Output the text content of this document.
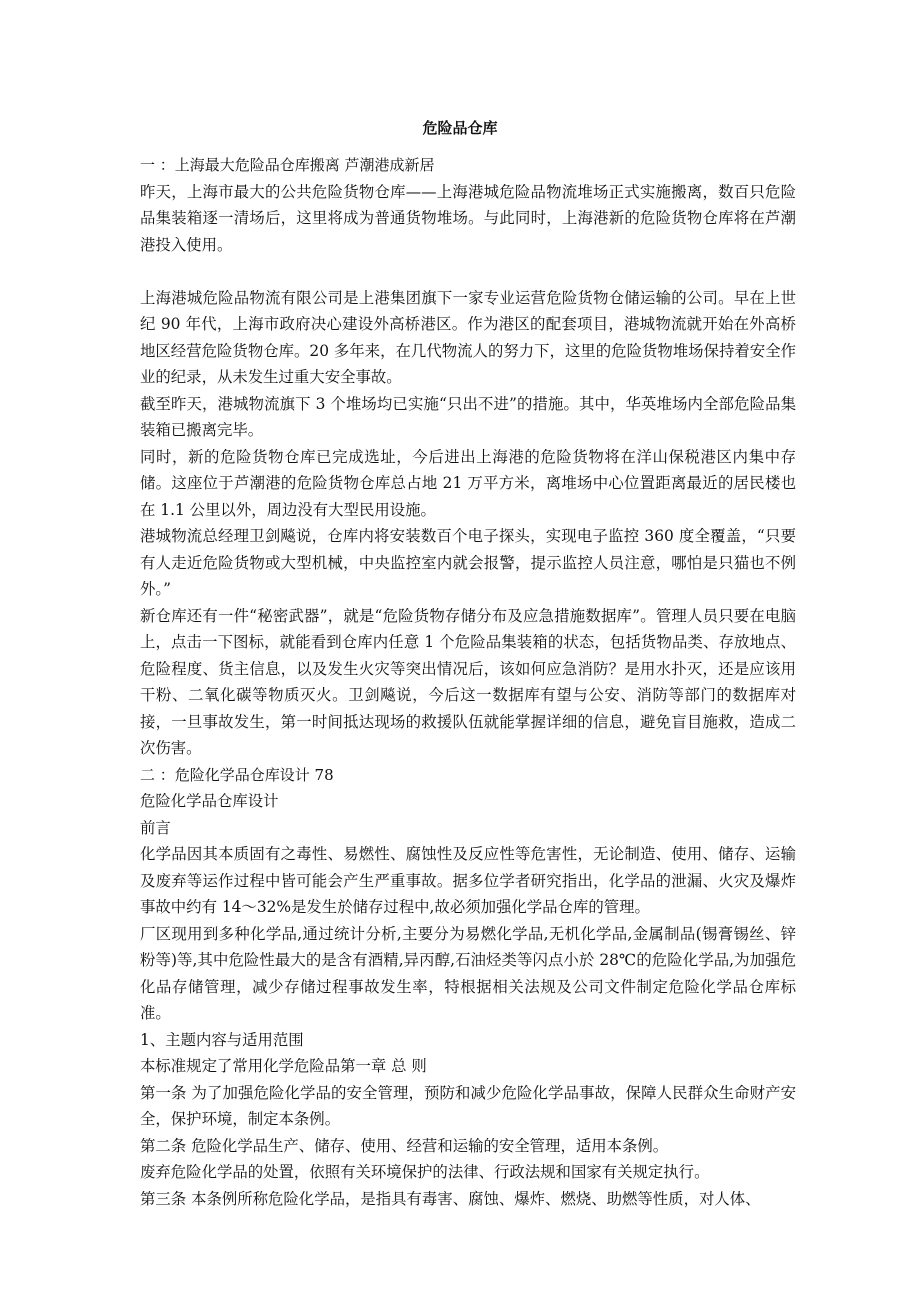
危险品仓库

一 ：上海最大危险品仓库搬离 芦潮港成新居

昨天，上海市最大的公共危险货物仓库——上海港城危险品物流堆场正式实施搬离，数百只危险品集装箱逐一清场后，这里将成为普通货物堆场。与此同时，上海港新的危险货物仓库将在芦潮港投入使用。

上海港城危险品物流有限公司是上港集团旗下一家专业运营危险货物仓储运输的公司。早在上世纪 90 年代，上海市政府决心建设外高桥港区。作为港区的配套项目，港城物流就开始在外高桥地区经营危险货物仓库。20 多年来，在几代物流人的努力下，这里的危险货物堆场保持着安全作业的纪录，从未发生过重大安全事故。

截至昨天，港城物流旗下 3 个堆场均已实施“只出不进”的措施。其中，华英堆场内全部危险品集装箱已搬离完毕。

同时，新的危险货物仓库已完成选址，今后进出上海港的危险货物将在洋山保税港区内集中存储。这座位于芦潮港的危险货物仓库总占地 21 万平方米，离堆场中心位置距离最近的居民楼也在 1.1 公里以外，周边没有大型民用设施。

港城物流总经理卫剑飚说，仓库内将安装数百个电子探头，实现电子监控 360 度全覆盖，“只要有人走近危险货物或大型机械，中央监控室内就会报警，提示监控人员注意，哪怕是只猫也不例外。”

新仓库还有一件“秘密武器”，就是“危险货物存储分布及应急措施数据库”。管理人员只要在电脑上，点击一下图标，就能看到仓库内任意 1 个危险品集装箱的状态，包括货物品类、存放地点、危险程度、货主信息，以及发生火灾等突出情况后，该如何应急消防？是用水扑灭，还是应该用干粉、二氧化碳等物质灭火。卫剑飚说，今后这一数据库有望与公安、消防等部门的数据库对接，一旦事故发生，第一时间抵达现场的救援队伍就能掌握详细的信息，避免盲目施救，造成二次伤害。

二 ：危险化学品仓库设计 78

危险化学品仓库设计

前言

化学品因其本质固有之毒性、易燃性、腐蚀性及反应性等危害性，无论制造、使用、储存、运输及废弃等运作过程中皆可能会产生严重事故。据多位学者研究指出，化学品的泄漏、火灾及爆炸事故中约有 14～32%是发生於储存过程中,故必须加强化学品仓库的管理。

厂区现用到多种化学品,通过统计分析,主要分为易燃化学品,无机化学品,金属制品(锡膏锡丝、锌粉等)等,其中危险性最大的是含有酒精,异丙醇,石油烃类等闪点小於 28℃的危险化学品,为加强危化品存储管理，减少存储过程事故发生率，特根据相关法规及公司文件制定危险化学品仓库标准。

1、主题内容与适用范围

本标准规定了常用化学危险品第一章 总 则

第一条 为了加强危险化学品的安全管理，预防和减少危险化学品事故，保障人民群众生命财产安全，保护环境，制定本条例。

第二条 危险化学品生产、储存、使用、经营和运输的安全管理，适用本条例。

废弃危险化学品的处置，依照有关环境保护的法律、行政法规和国家有关规定执行。

第三条 本条例所称危险化学品，是指具有毒害、腐蚀、爆炸、燃烧、助燃等性质，对人体、
